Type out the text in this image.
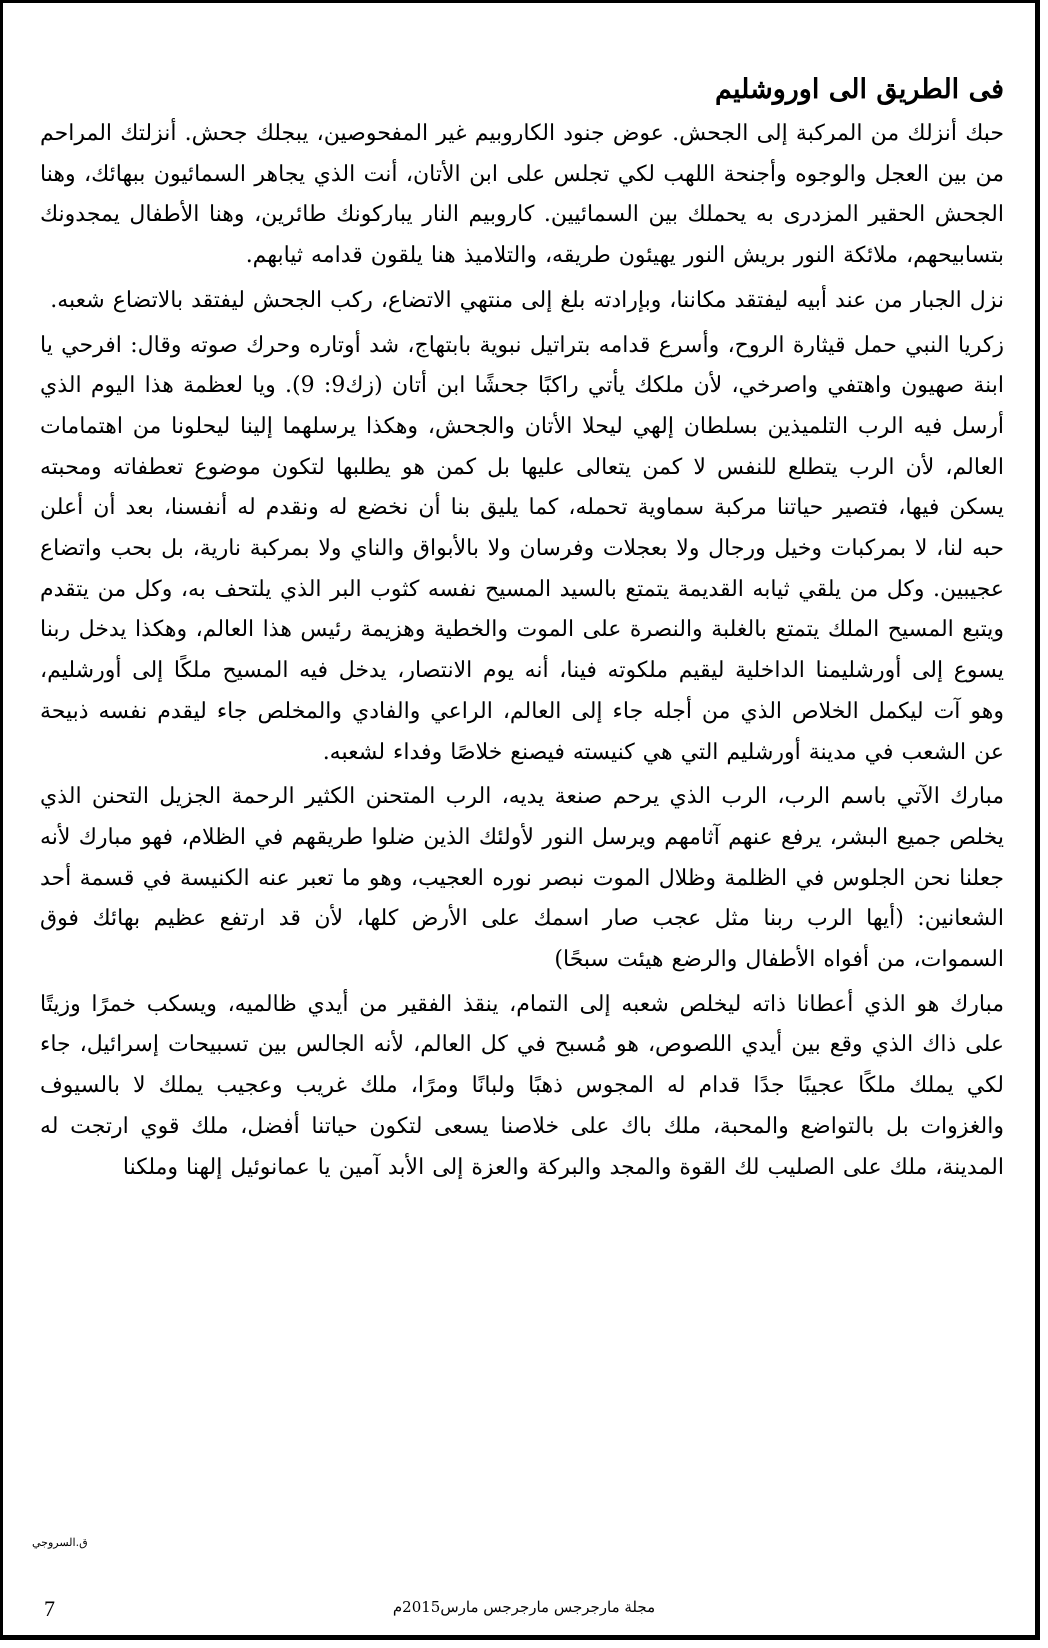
فى الطريق الى اوروشليم

حبك أنزلك من المركبة إلى الجحش. عوض جنود الكاروبيم غير المفحوصين، يبجلك جحش. أنزلتك المراحم من بين العجل والوجوه وأجنحة اللهب لكي تجلس على ابن الأتان، أنت الذي يجاهر السمائيون ببهائك، وهنا الجحش الحقير المزدرى به يحملك بين السمائيين. كاروبيم النار يباركونك طائرين، وهنا الأطفال يمجدونك بتسابيحهم، ملائكة النور بريش النور يهيئون طريقه، والتلاميذ هنا يلقون قدامه ثيابهم.

نزل الجبار من عند أبيه ليفتقد مكاننا، وبإرادته بلغ إلى منتهي الاتضاع، ركب الجحش ليفتقد بالاتضاع شعبه.

زكريا النبي حمل قيثارة الروح، وأسرع قدامه بتراتيل نبوية بابتهاج، شد أوتاره وحرك صوته وقال: افرحي يا ابنة صهيون واهتفي واصرخي، لأن ملكك يأتي راكبًا جحشًا ابن أتان (زك9: 9). ويا لعظمة هذا اليوم الذي أرسل فيه الرب التلميذين بسلطان إلهي ليحلا الأتان والجحش، وهكذا يرسلهما إلينا ليحلونا من اهتمامات العالم، لأن الرب يتطلع للنفس لا كمن يتعالى عليها بل كمن هو يطلبها لتكون موضوع تعطفاته ومحبته يسكن فيها، فتصير حياتنا مركبة سماوية تحمله، كما يليق بنا أن نخضع له ونقدم له أنفسنا، بعد أن أعلن حبه لنا، لا بمركبات وخيل ورجال ولا بعجلات وفرسان ولا بالأبواق والناي ولا بمركبة نارية، بل بحب واتضاع عجيبين. وكل من يلقي ثيابه القديمة يتمتع بالسيد المسيح نفسه كثوب البر الذي يلتحف به، وكل من يتقدم ويتبع المسيح الملك يتمتع بالغلبة والنصرة على الموت والخطية وهزيمة رئيس هذا العالم، وهكذا يدخل ربنا يسوع إلى أورشليمنا الداخلية ليقيم ملكوته فينا، أنه يوم الانتصار، يدخل فيه المسيح ملكًا إلى أورشليم، وهو آت ليكمل الخلاص الذي من أجله جاء إلى العالم، الراعي والفادي والمخلص جاء ليقدم نفسه ذبيحة عن الشعب في مدينة أورشليم التي هي كنيسته فيصنع خلاصًا وفداء لشعبه.

مبارك الآتي باسم الرب، الرب الذي يرحم صنعة يديه، الرب المتحنن الكثير الرحمة الجزيل التحنن الذي يخلص جميع البشر، يرفع عنهم آثامهم ويرسل النور لأولئك الذين ضلوا طريقهم في الظلام، فهو مبارك لأنه جعلنا نحن الجلوس في الظلمة وظلال الموت نبصر نوره العجيب، وهو ما تعبر عنه الكنيسة في قسمة أحد الشعانين: (أيها الرب ربنا مثل عجب صار اسمك على الأرض كلها، لأن قد ارتفع عظيم بهائك فوق السموات، من أفواه الأطفال والرضع هيئت سبحًا)

مبارك هو الذي أعطانا ذاته ليخلص شعبه إلى التمام، ينقذ الفقير من أيدي ظالميه، ويسكب خمرًا وزيتًا على ذاك الذي وقع بين أيدي اللصوص، هو مُسبح في كل العالم، لأنه الجالس بين تسبيحات إسرائيل، جاء لكي يملك ملكًا عجيبًا جدًا قدام له المجوس ذهبًا ولبانًا ومرًا، ملك غريب وعجيب يملك لا بالسيوف والغزوات بل بالتواضع والمحبة، ملك باك على خلاصنا يسعى لتكون حياتنا أفضل، ملك قوي ارتجت له المدينة، ملك على الصليب لك القوة والمجد والبركة والعزة إلى الأبد آمين يا عمانوئيل إلهنا وملكنا

ق.السروجي
7	مجلة مارجرجس مارجرجس مارس2015م
